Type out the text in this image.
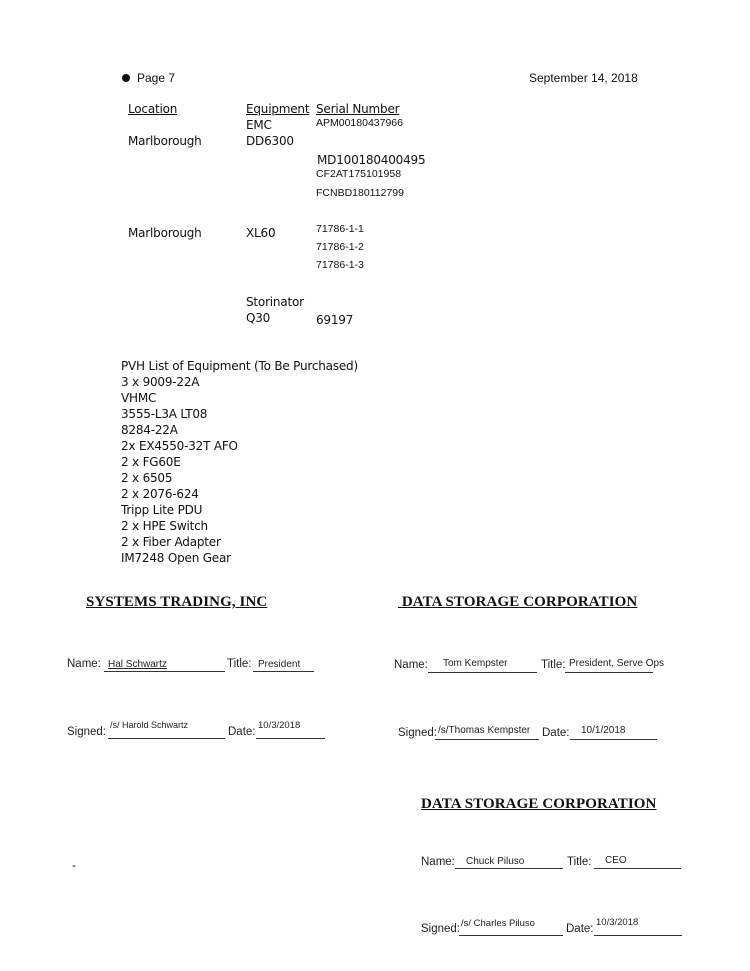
Page 7	September 14, 2018
Location	Equipment Serial Number
EMC	APM00180437966
Marlborough	DD6300
MD100180400495
CF2AT175101958
FCNBD180112799
Marlborough	XL60	71786-1-1
71786-1-2
71786-1-3
Storinator
Q30	69197
PVH List of Equipment (To Be Purchased)
3 x 9009-22A
VHMC
3555-L3A LT08
8284-22A
2x EX4550-32T AFO
2 x FG60E
2 x 6505
2 x 2076-624
Tripp Lite PDU
2 x HPE Switch
2 x Fiber Adapter
IM7248 Open Gear
SYSTEMS TRADING, INC
Name: Hal Schwartz	Title: President
Signed:
/s/ Harold Schwartz
Date:
10/3/2018
DATA STORAGE CORPORATION
Name: Tom Kempster	Title: President, Serve Ops
Signed: /s/Thomas Kempster Date: 10/1/2018
DATA STORAGE CORPORATION
Name: Chuck Piluso	Title: CEO
Signed: /s/ Charles Piluso	Date:
10/3/2018
-
